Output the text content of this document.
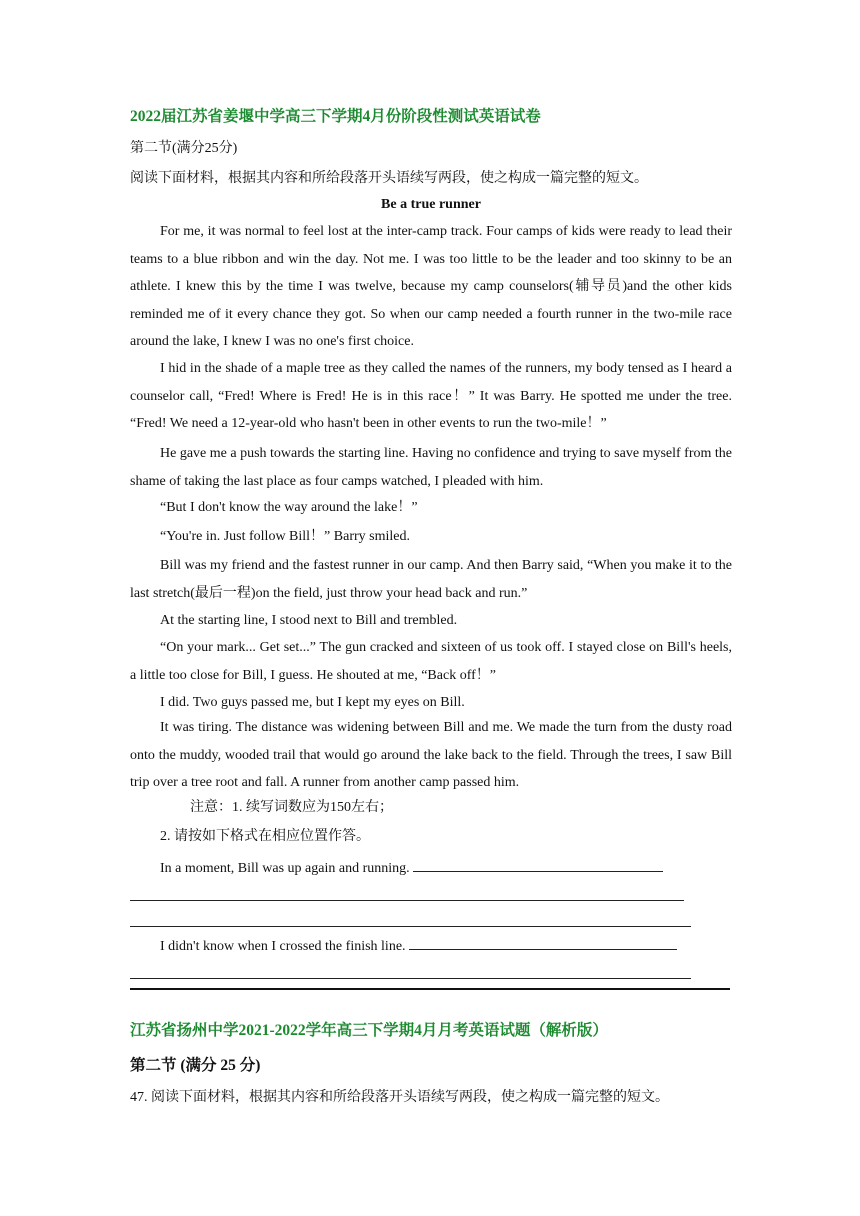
2022届江苏省姜堰中学高三下学期4月份阶段性测试英语试卷
第二节(满分25分)
阅读下面材料，根据其内容和所给段落开头语续写两段，使之构成一篇完整的短文。
Be a true runner

For me, it was normal to feel lost at the inter-camp track. Four camps of kids were ready to lead their teams to a blue ribbon and win the day. Not me. I was too little to be the leader and too skinny to be an athlete. I knew this by the time I was twelve, because my camp counselors(辅导员)and the other kids reminded me of it every chance they got. So when our camp needed a fourth runner in the two-mile race around the lake, I knew I was no one's first choice.

I hid in the shade of a maple tree as they called the names of the runners, my body tensed as I heard a counselor call, “Fred! Where is Fred! He is in this race！” It was Barry. He spotted me under the tree. “Fred! We need a 12-year-old who hasn't been in other events to run the two-mile！”

He gave me a push towards the starting line. Having no confidence and trying to save myself from the shame of taking the last place as four camps watched, I pleaded with him.

“But I don't know the way around the lake！”

“You're in. Just follow Bill！” Barry smiled.

Bill was my friend and the fastest runner in our camp. And then Barry said, “When you make it to the last stretch(最后一程)on the field, just throw your head back and run.”

At the starting line, I stood next to Bill and trembled.

“On your mark... Get set...” The gun cracked and sixteen of us took off. I stayed close on Bill's heels, a little too close for Bill, I guess. He shouted at me, “Back off！”

I did. Two guys passed me, but I kept my eyes on Bill.

It was tiring. The distance was widening between Bill and me. We made the turn from the dusty road onto the muddy, wooded trail that would go around the lake back to the field. Through the trees, I saw Bill trip over a tree root and fall. A runner from another camp passed him.

注意：1. 续写词数应为150左右；
2. 请按如下格式在相应位置作答。
In a moment, Bill was up again and running.
I didn't know when I crossed the finish line.
江苏省扬州中学2021-2022学年高三下学期4月月考英语试题（解析版）
第二节 (满分 25 分)
47. 阅读下面材料，根据其内容和所给段落开头语续写两段，使之构成一篇完整的短文。
